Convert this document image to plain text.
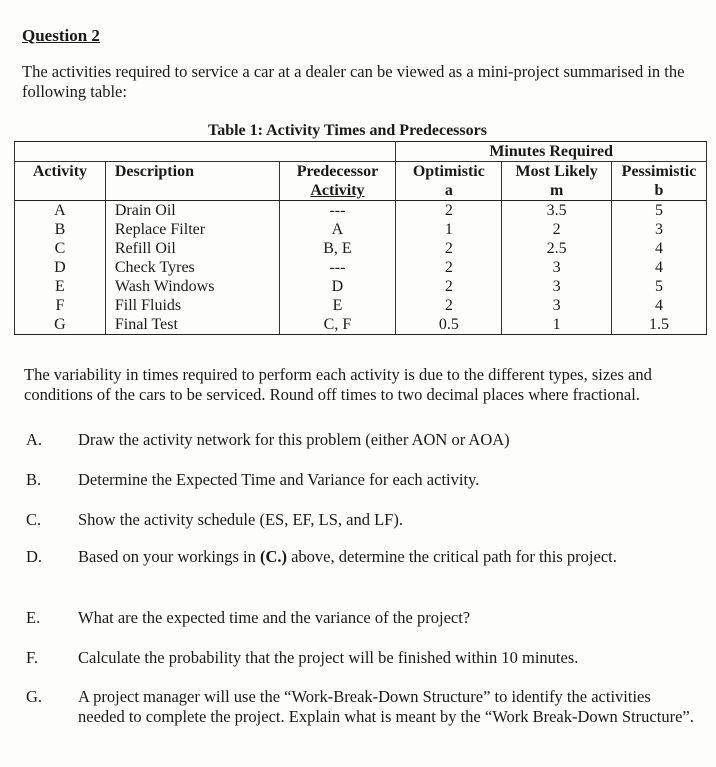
Question 2
The activities required to service a car at a dealer can be viewed as a mini-project summarised in the following table:
Table 1: Activity Times and Predecessors
			Minutes Required		
Activity	Description	Predecessor	Optimistic	Most Likely	Pessimistic
		Activity	a	m	b
A	Drain Oil	---	2	3.5	5
B	Replace Filter	A	1	2	3
C	Refill Oil	B, E	2	2.5	4
D	Check Tyres	---	2	3	4
E	Wash Windows	D	2	3	5
F	Fill Fluids	E	2	3	4
G	Final Test	C, F	0.5	1	1.5
The variability in times required to perform each activity is due to the different types, sizes and conditions of the cars to be serviced. Round off times to two decimal places where fractional.
A. Draw the activity network for this problem (either AON or AOA)
B. Determine the Expected Time and Variance for each activity.
C. Show the activity schedule (ES, EF, LS, and LF).
D. Based on your workings in (C.) above, determine the critical path for this project.
E. What are the expected time and the variance of the project?
F. Calculate the probability that the project will be finished within 10 minutes.
G. A project manager will use the “Work-Break-Down Structure” to identify the activities needed to complete the project. Explain what is meant by the “Work Break-Down Structure”.
